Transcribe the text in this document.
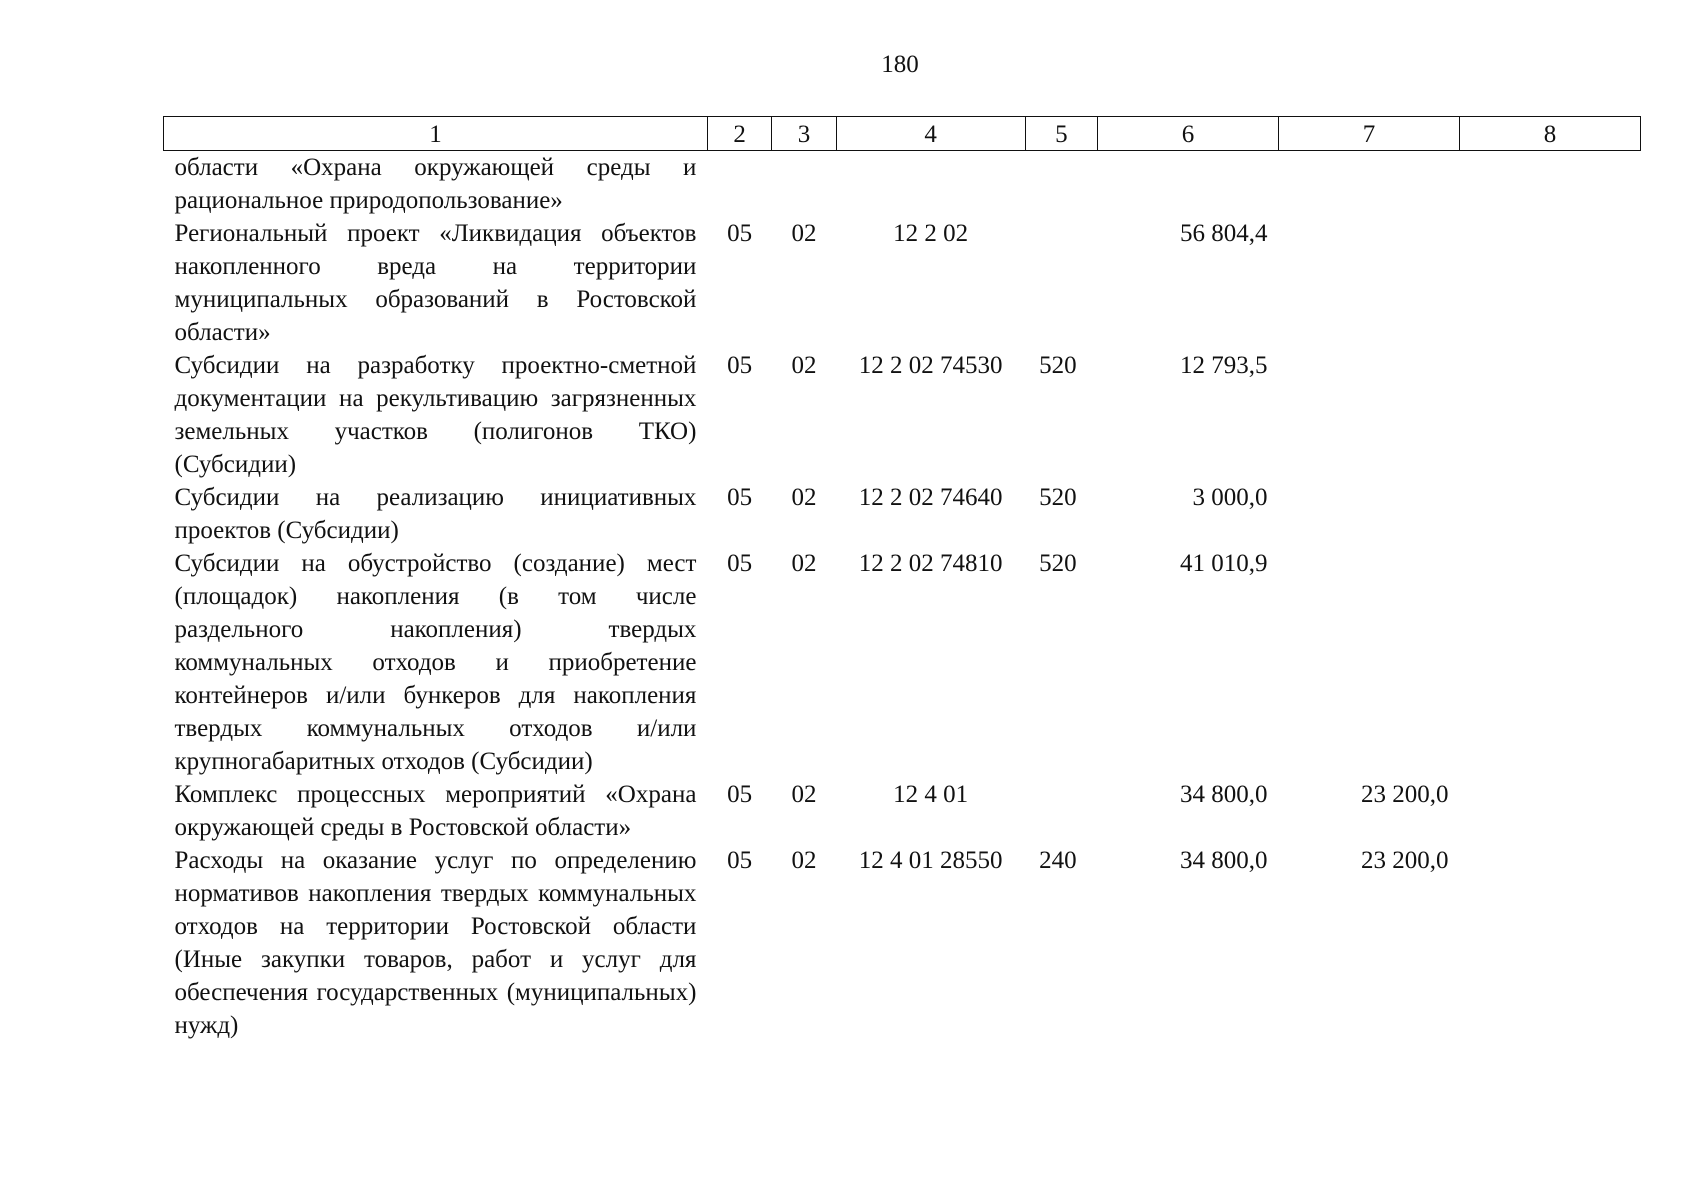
180
1	2	3	4	5	6	7	8
области «Охрана окружающей среды и рациональное природопользование»							
Региональный проект «Ликвидация объектов накопленного вреда на территории муниципальных образований в Ростовской области»	05	02	12 2 02		56 804,4		
Субсидии на разработку проектно-сметной документации на рекультивацию загрязненных земельных участков (полигонов ТКО) (Субсидии)	05	02	12 2 02 74530	520	12 793,5		
Субсидии на реализацию инициативных проектов (Субсидии)	05	02	12 2 02 74640	520	3 000,0		
Субсидии на обустройство (создание) мест (площадок) накопления (в том числе раздельного накопления) твердых коммунальных отходов и приобретение контейнеров и/или бункеров для накопления твердых коммунальных отходов и/или крупногабаритных отходов (Субсидии)	05	02	12 2 02 74810	520	41 010,9		
Комплекс процессных мероприятий «Охрана окружающей среды в Ростовской области»	05	02	12 4 01		34 800,0	23 200,0	
Расходы на оказание услуг по определению нормативов накопления твердых коммунальных отходов на территории Ростовской области (Иные закупки товаров, работ и услуг для обеспечения государственных (муниципальных) нужд)	05	02	12 4 01 28550	240	34 800,0	23 200,0	
